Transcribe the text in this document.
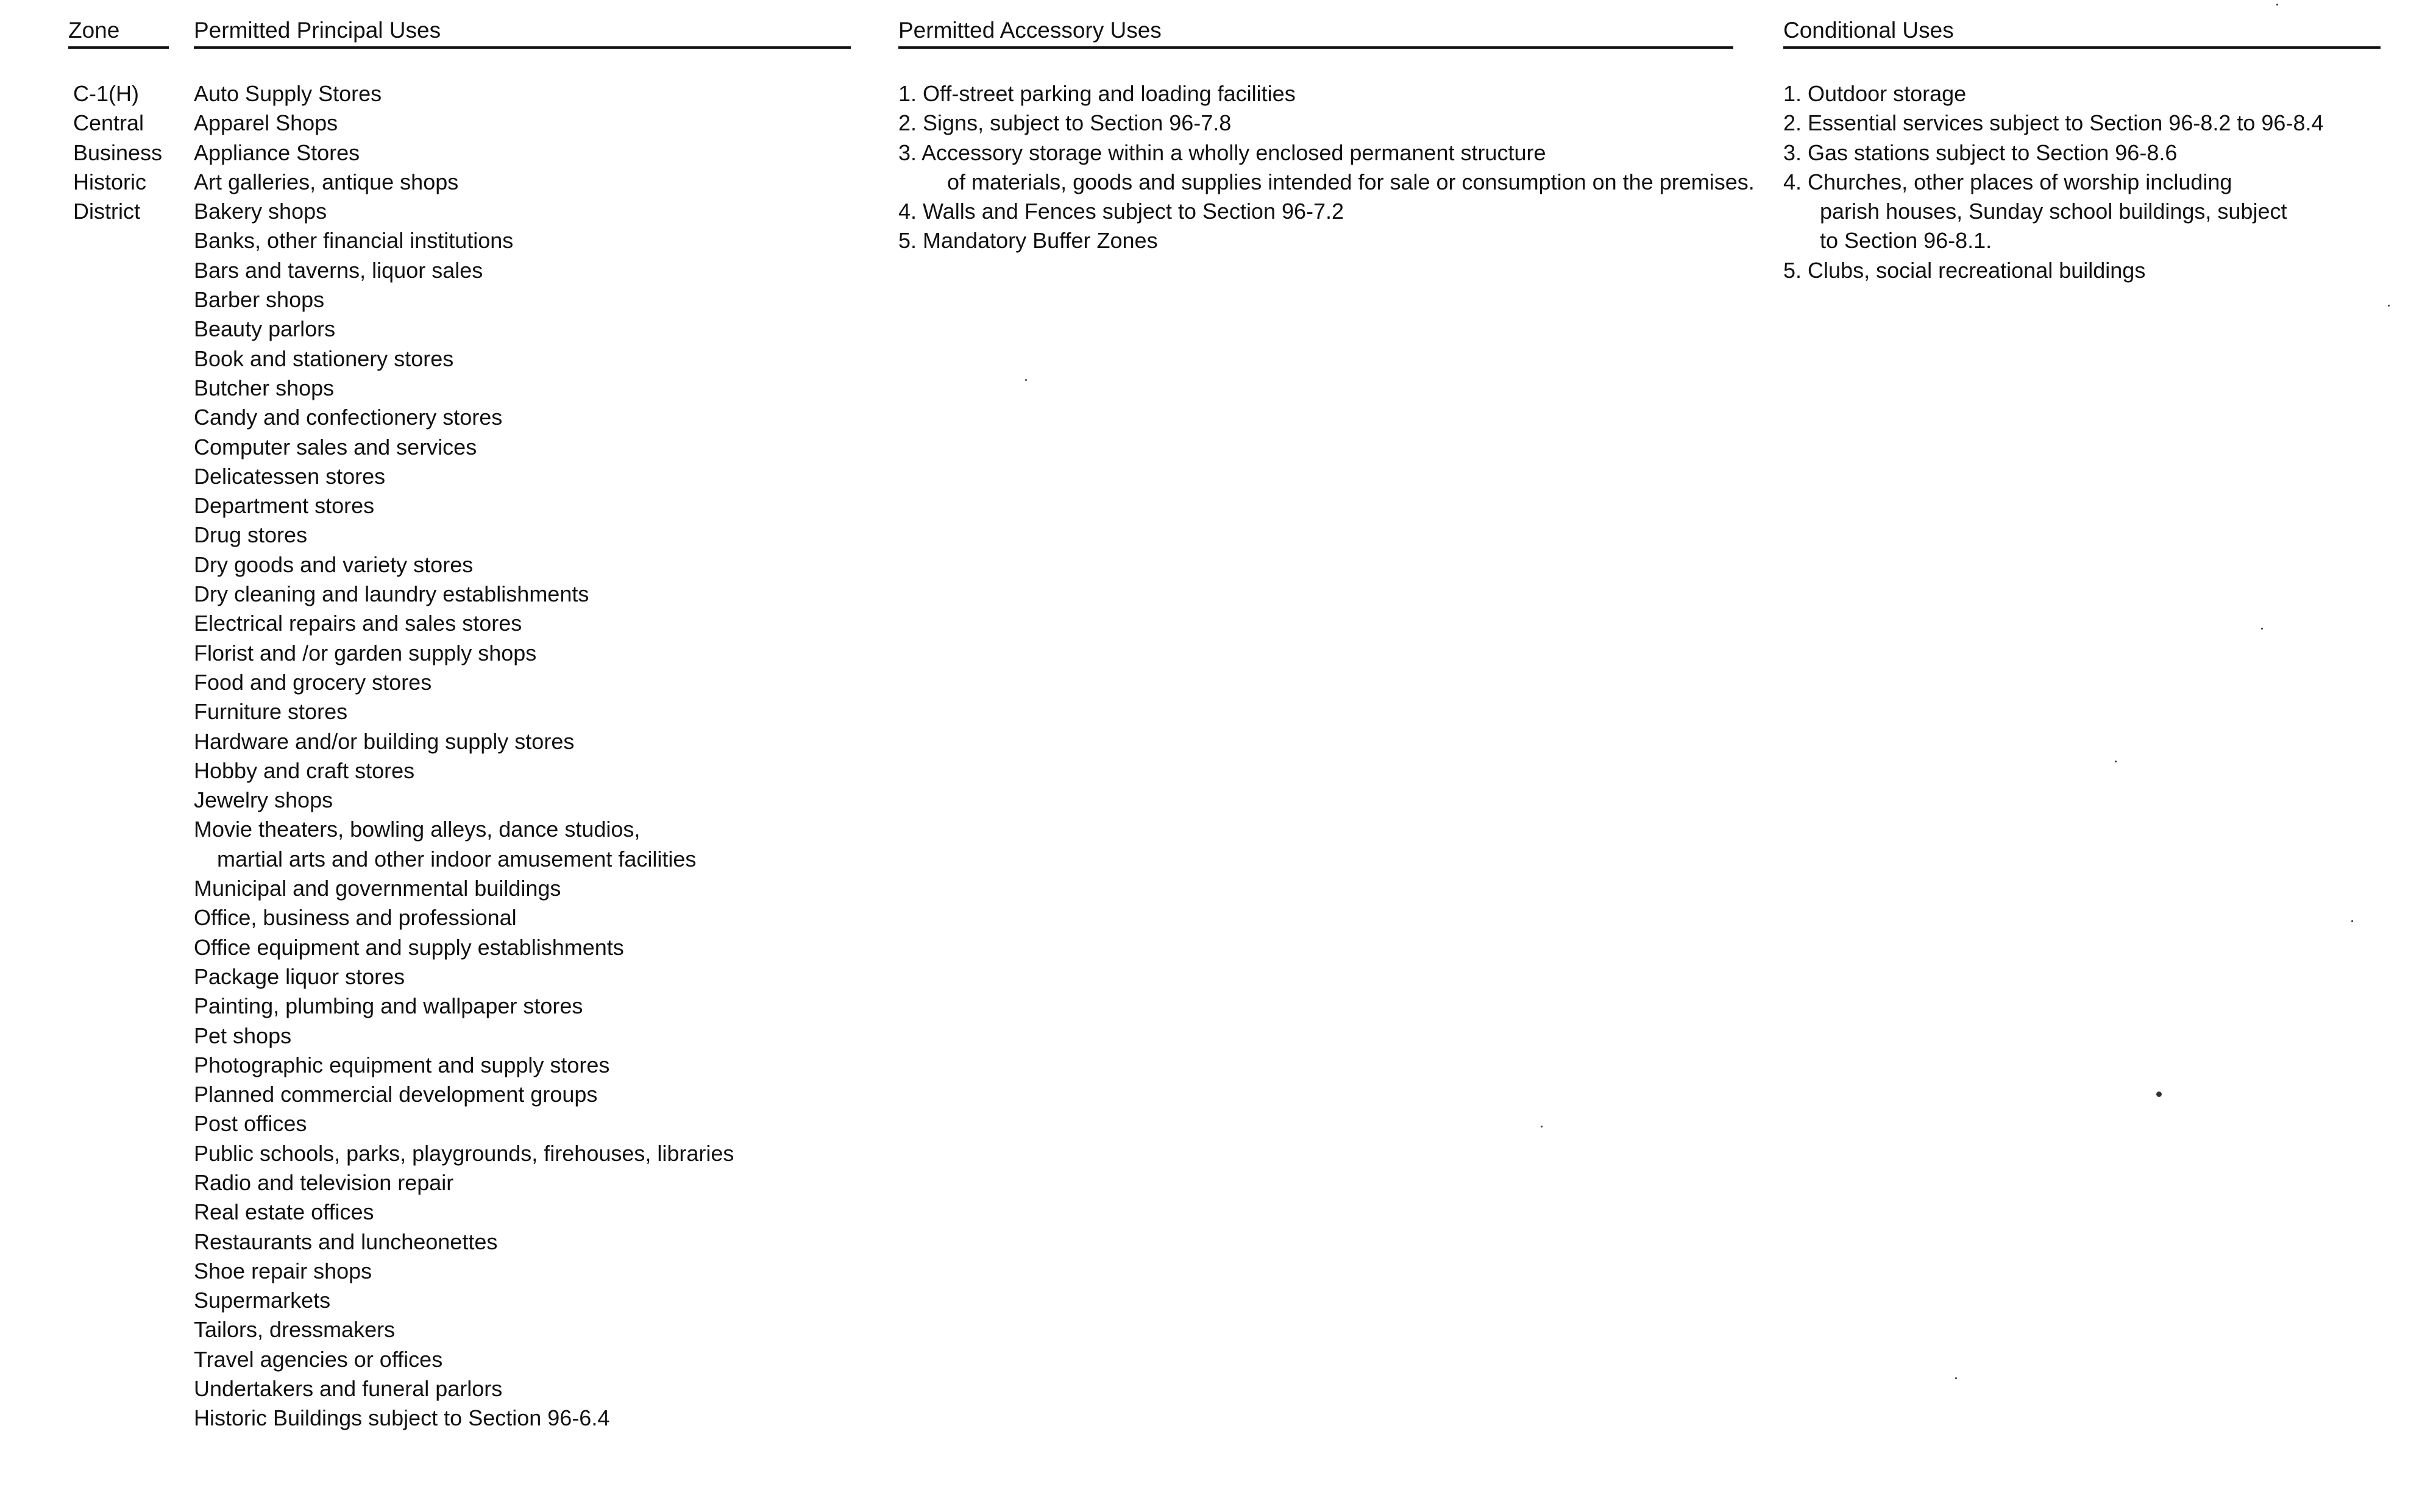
Zone
C-1(H)
Central
Business
Historic
District
Permitted Principal Uses
Auto Supply Stores
Apparel Shops
Appliance Stores
Art galleries, antique shops
Bakery shops
Banks, other financial institutions
Bars and taverns, liquor sales
Barber shops
Beauty parlors
Book and stationery stores
Butcher shops
Candy and confectionery stores
Computer sales and services
Delicatessen stores
Department stores
Drug stores
Dry goods and variety stores
Dry cleaning and laundry establishments
Electrical repairs and sales stores
Florist and /or garden supply shops
Food and grocery stores
Furniture stores
Hardware and/or building supply stores
Hobby and craft stores
Jewelry shops
Movie theaters, bowling alleys, dance studios,
martial arts and other indoor amusement facilities
Municipal and governmental buildings
Office, business and professional
Office equipment and supply establishments
Package liquor stores
Painting, plumbing and wallpaper stores
Pet shops
Photographic equipment and supply stores
Planned commercial development groups
Post offices
Public schools, parks, playgrounds, firehouses, libraries
Radio and television repair
Real estate offices
Restaurants and luncheonettes
Shoe repair shops
Supermarkets
Tailors, dressmakers
Travel agencies or offices
Undertakers and funeral parlors
Historic Buildings subject to Section 96-6.4
Permitted Accessory Uses
1. Off-street parking and loading facilities
2. Signs, subject to Section 96-7.8
3. Accessory storage within a wholly enclosed permanent structure
of materials, goods and supplies intended for sale or consumption on the premises.
4. Walls and Fences subject to Section 96-7.2
5. Mandatory Buffer Zones
Conditional Uses
1. Outdoor storage
2. Essential services subject to Section 96-8.2 to 96-8.4
3. Gas stations subject to Section 96-8.6
4. Churches, other places of worship including
parish houses, Sunday school buildings, subject
to Section 96-8.1.
5. Clubs, social recreational buildings
